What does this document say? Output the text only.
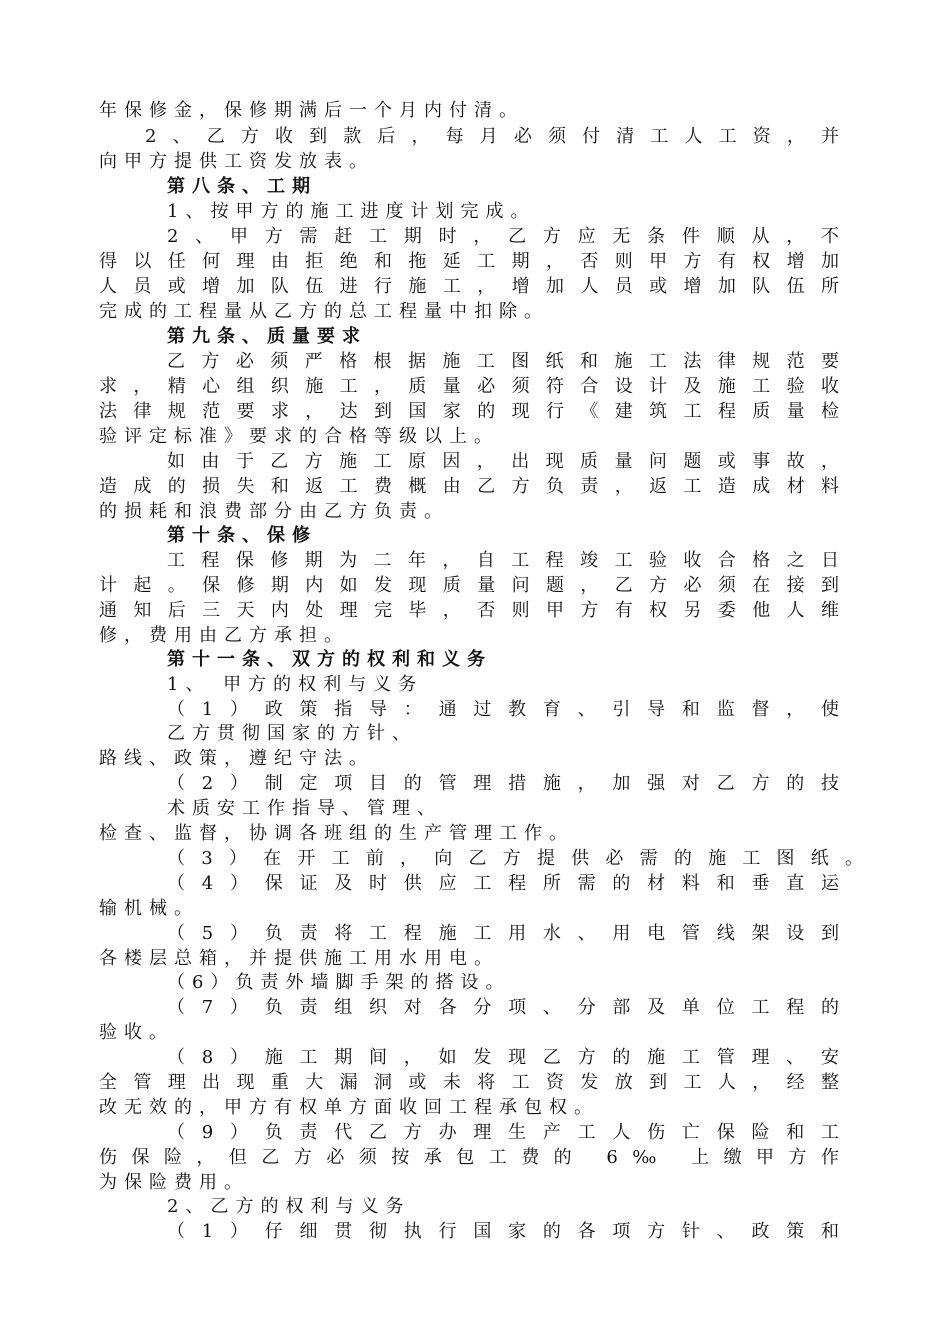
年保修金，保修期满后一个月内付清。
2、乙方收到款后，每月必须付清工人工资，并
向甲方提供工资发放表。
第八条、工期
1、按甲方的施工进度计划完成。
2、甲方需赶工期时，乙方应无条件顺从，不
得以任何理由拒绝和拖延工期，否则甲方有权增加
人员或增加队伍进行施工，增加人员或增加队伍所
完成的工程量从乙方的总工程量中扣除。
第九条、质量要求
乙方必须严格根据施工图纸和施工法律规范要
求，精心组织施工，质量必须符合设计及施工验收
法律规范要求，达到国家的现行《建筑工程质量检
验评定标准》要求的合格等级以上。
如由于乙方施工原因，出现质量问题或事故，
造成的损失和返工费概由乙方负责，返工造成材料
的损耗和浪费部分由乙方负责。
第十条、保修
工程保修期为二年，自工程竣工验收合格之日
计起。保修期内如发现质量问题，乙方必须在接到
通知后三天内处理完毕，否则甲方有权另委他人维
修，费用由乙方承担。
第十一条、双方的权利和义务
1、 甲方的权利与义务
（1）政策指导：通过教育、引导和监督，使
乙方贯彻国家的方针、
路线、政策，遵纪守法。
（2）制定项目的管理措施，加强对乙方的技
术质安工作指导、管理、
检查、监督，协调各班组的生产管理工作。
（3）在开工前，向乙方提供必需的施工图纸。
（4）保证及时供应工程所需的材料和垂直运
输机械。
（5）负责将工程施工用水、用电管线架设到
各楼层总箱，并提供施工用水用电。
（6）负责外墙脚手架的搭设。
（7）负责组织对各分项、分部及单位工程的
验收。
（8）施工期间，如发现乙方的施工管理、安
全管理出现重大漏洞或未将工资发放到工人，经整
改无效的，甲方有权单方面收回工程承包权。
（9）负责代乙方办理生产工人伤亡保险和工
伤保险，但乙方必须按承包工费的 6‰ 上缴甲方作
为保险费用。
2、乙方的权利与义务
（1）仔细贯彻执行国家的各项方针、政策和
